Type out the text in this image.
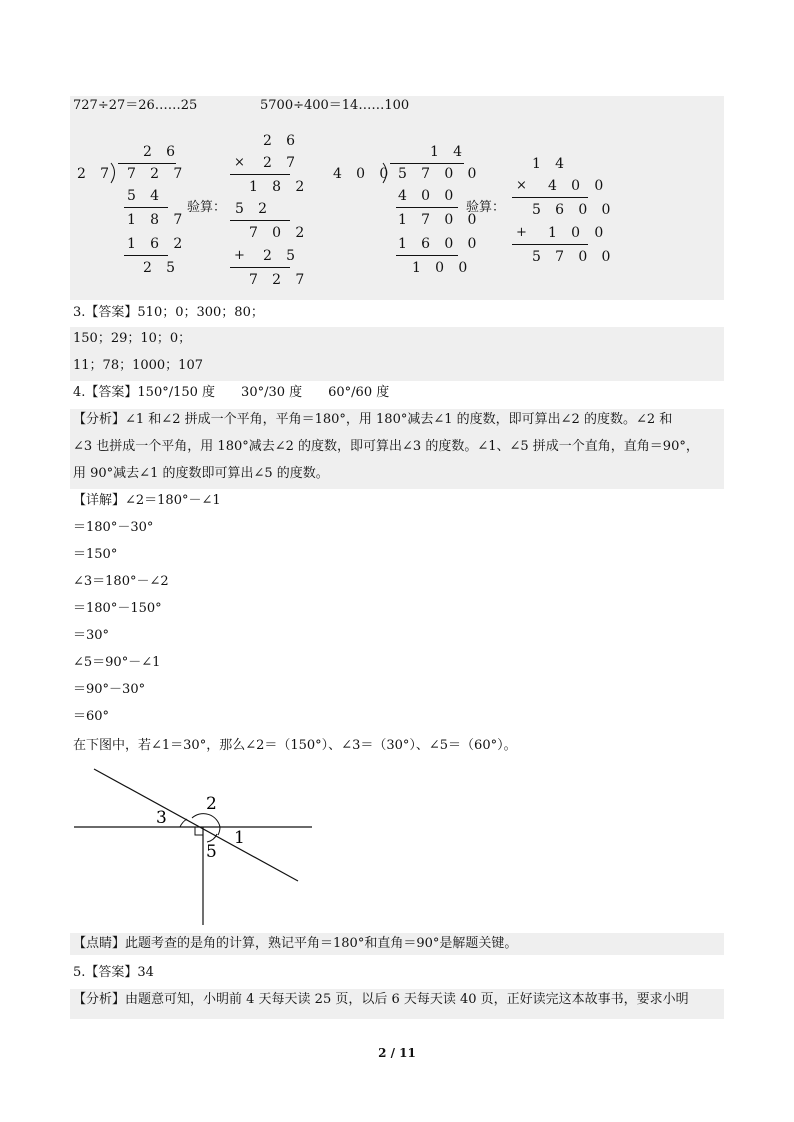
727÷27＝26……25	5700÷400＝14……100
2 6
2 7 7 2 7
5 4
1 8 7
1 6 2
2 5
验算：
2 6
× 2 7
1 8 2
5 2
7 0 2
+ 2 5
7 2 7
1 4
4 0 0 5 7 0 0
4 0 0
1 7 0 0
1 6 0 0
1 0 0
验算：
1 4
× 4 0 0
5 6 0 0
+ 1 0 0
5 7 0 0
3.【答案】510；0；300；80；
150；29；10；0；
11；78；1000；107
4.【答案】150°/150 度　　30°/30 度　　60°/60 度
【分析】∠1 和∠2 拼成一个平角，平角＝180°，用 180°减去∠1 的度数，即可算出∠2 的度数。∠2 和
∠3 也拼成一个平角，用 180°减去∠2 的度数，即可算出∠3 的度数。∠1、∠5 拼成一个直角，直角＝90°，
用 90°减去∠1 的度数即可算出∠5 的度数。
【详解】∠2＝180°－∠1
＝180°－30°
＝150°
∠3＝180°－∠2
＝180°－150°
＝30°
∠5＝90°－∠1
＝90°－30°
＝60°
在下图中，若∠1＝30°，那么∠2＝（150°）、∠3＝（30°）、∠5＝（60°）。
3
2
1
5
【点睛】此题考查的是角的计算，熟记平角＝180°和直角＝90°是解题关键。
5.【答案】34
【分析】由题意可知，小明前 4 天每天读 25 页，以后 6 天每天读 40 页，正好读完这本故事书，要求小明
2 / 11
